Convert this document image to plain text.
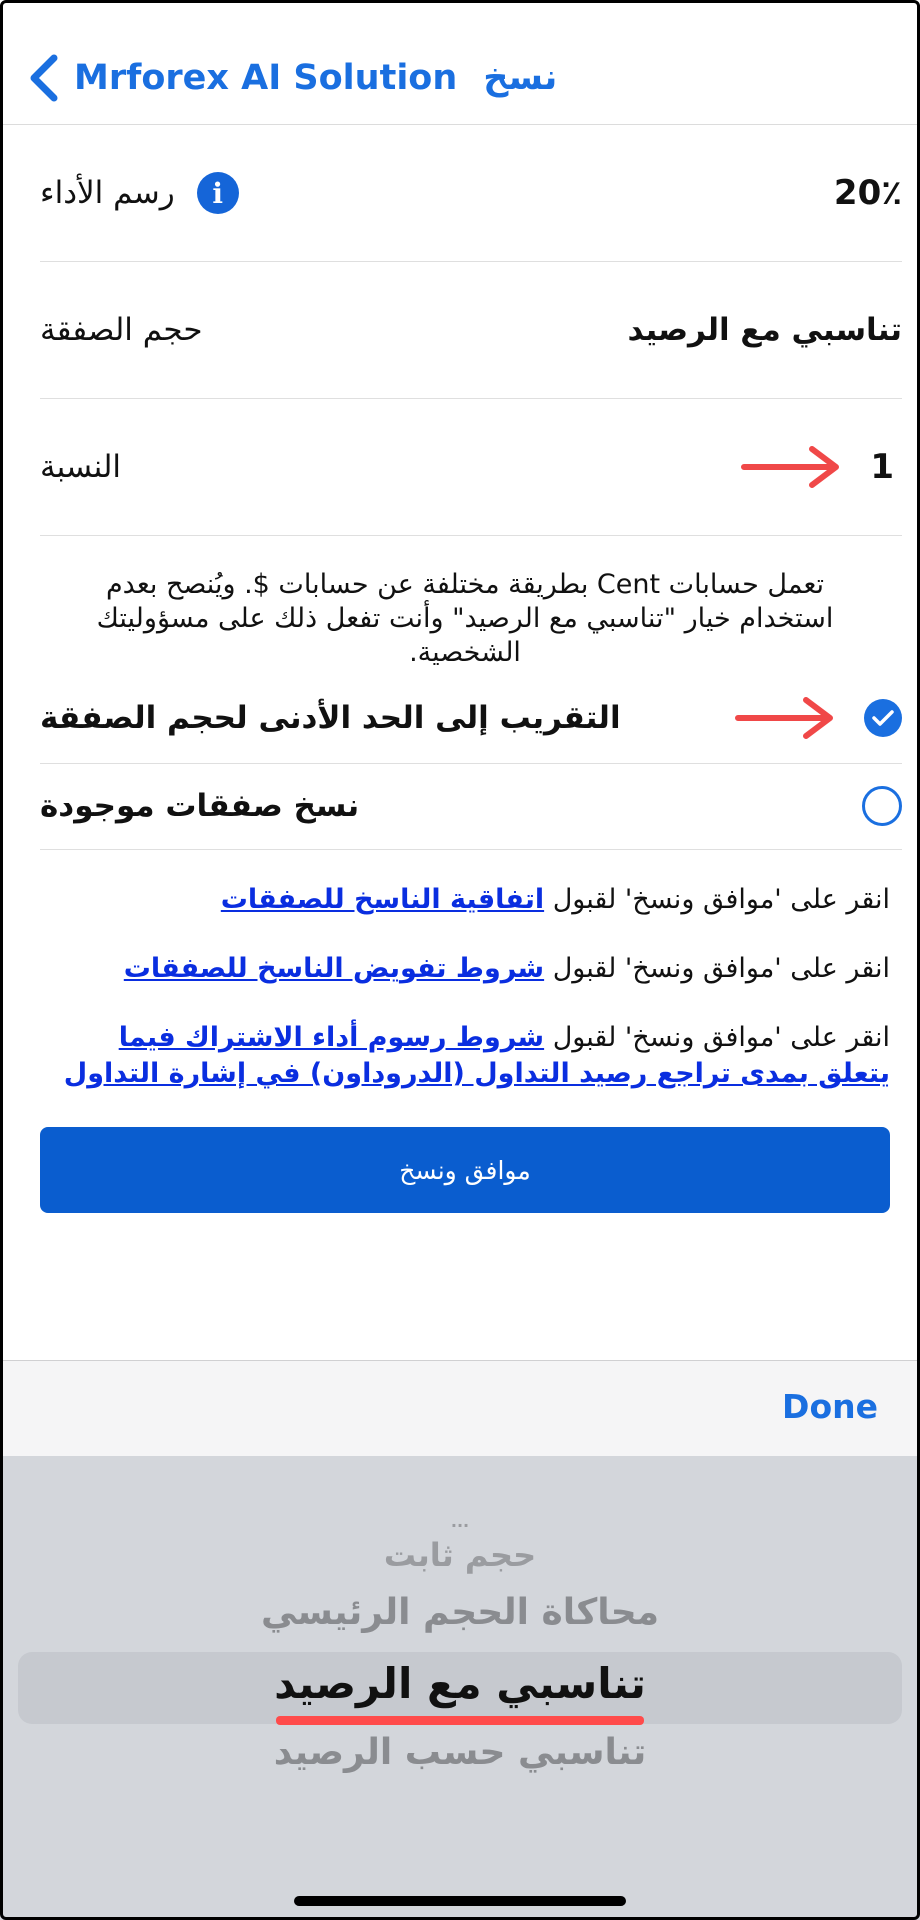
Mrforex AI Solution نسخ
رسم الأداء	i	20٪
حجم الصفقة	تناسبي مع الرصيد
النسبة	1
تعمل حسابات Cent بطريقة مختلفة عن حسابات $. ويُنصح بعدم استخدام خيار "تناسبي مع الرصيد" وأنت تفعل ذلك على مسؤوليتك الشخصية.
التقريب إلى الحد الأدنى لحجم الصفقة
نسخ صفقات موجودة
انقر على 'موافق ونسخ' لقبول اتفاقية الناسخ للصفقات
انقر على 'موافق ونسخ' لقبول شروط تفويض الناسخ للصفقات
انقر على 'موافق ونسخ' لقبول شروط رسوم أداء الاشتراك فيما يتعلق بمدى تراجع رصيد التداول (الدروداون) في إشارة التداول
موافق ونسخ
Done
...
حجم ثابت
محاكاة الحجم الرئيسي
تناسبي مع الرصيد
تناسبي حسب الرصيد
